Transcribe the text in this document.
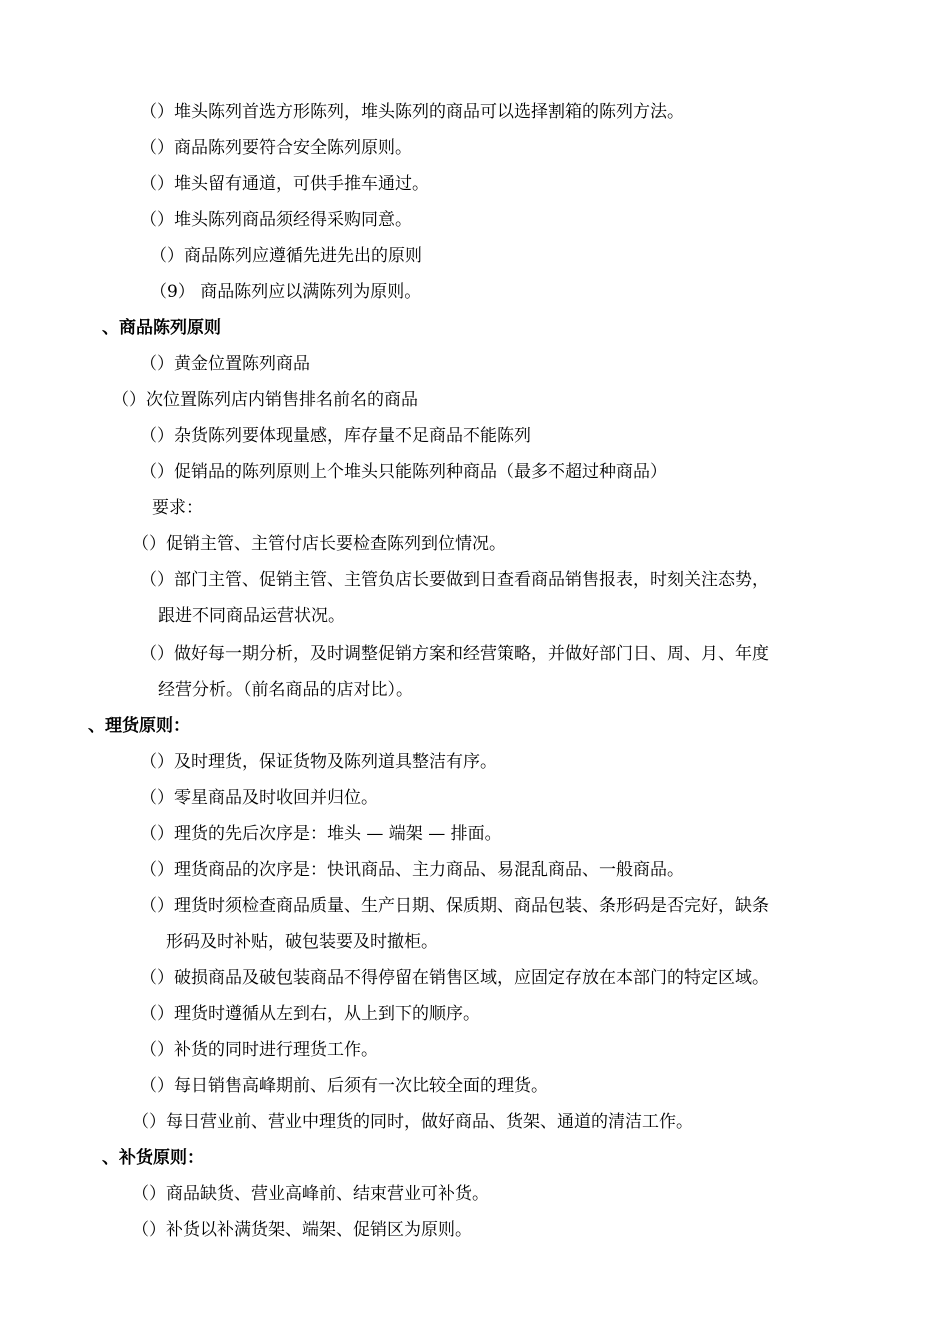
（）堆头陈列首选方形陈列，堆头陈列的商品可以选择割箱的陈列方法。
（）商品陈列要符合安全陈列原则。
（）堆头留有通道，可供手推车通过。
（）堆头陈列商品须经得采购同意。
（）商品陈列应遵循先进先出的原则
（9） 商品陈列应以满陈列为原则。
、商品陈列原则
（）黄金位置陈列商品
（）次位置陈列店内销售排名前名的商品
（）杂货陈列要体现量感，库存量不足商品不能陈列
（）促销品的陈列原则上个堆头只能陈列种商品（最多不超过种商品）
要求：
（）促销主管、主管付店长要检查陈列到位情况。
（）部门主管、促销主管、主管负店长要做到日查看商品销售报表，时刻关注态势，
跟进不同商品运营状况。
（）做好每一期分析，及时调整促销方案和经营策略，并做好部门日、周、月、年度
经营分析。（前名商品的店对比）。
、理货原则：
（）及时理货，保证货物及陈列道具整洁有序。
（）零星商品及时收回并归位。
（）理货的先后次序是：堆头 — 端架 — 排面。
（）理货商品的次序是：快讯商品、主力商品、易混乱商品、一般商品。
（）理货时须检查商品质量、生产日期、保质期、商品包装、条形码是否完好，缺条
形码及时补贴，破包装要及时撤柜。
（）破损商品及破包装商品不得停留在销售区域，应固定存放在本部门的特定区域。
（）理货时遵循从左到右，从上到下的顺序。
（）补货的同时进行理货工作。
（）每日销售高峰期前、后须有一次比较全面的理货。
（）每日营业前、营业中理货的同时，做好商品、货架、通道的清洁工作。
、补货原则：
（）商品缺货、营业高峰前、结束营业可补货。
（）补货以补满货架、端架、促销区为原则。
